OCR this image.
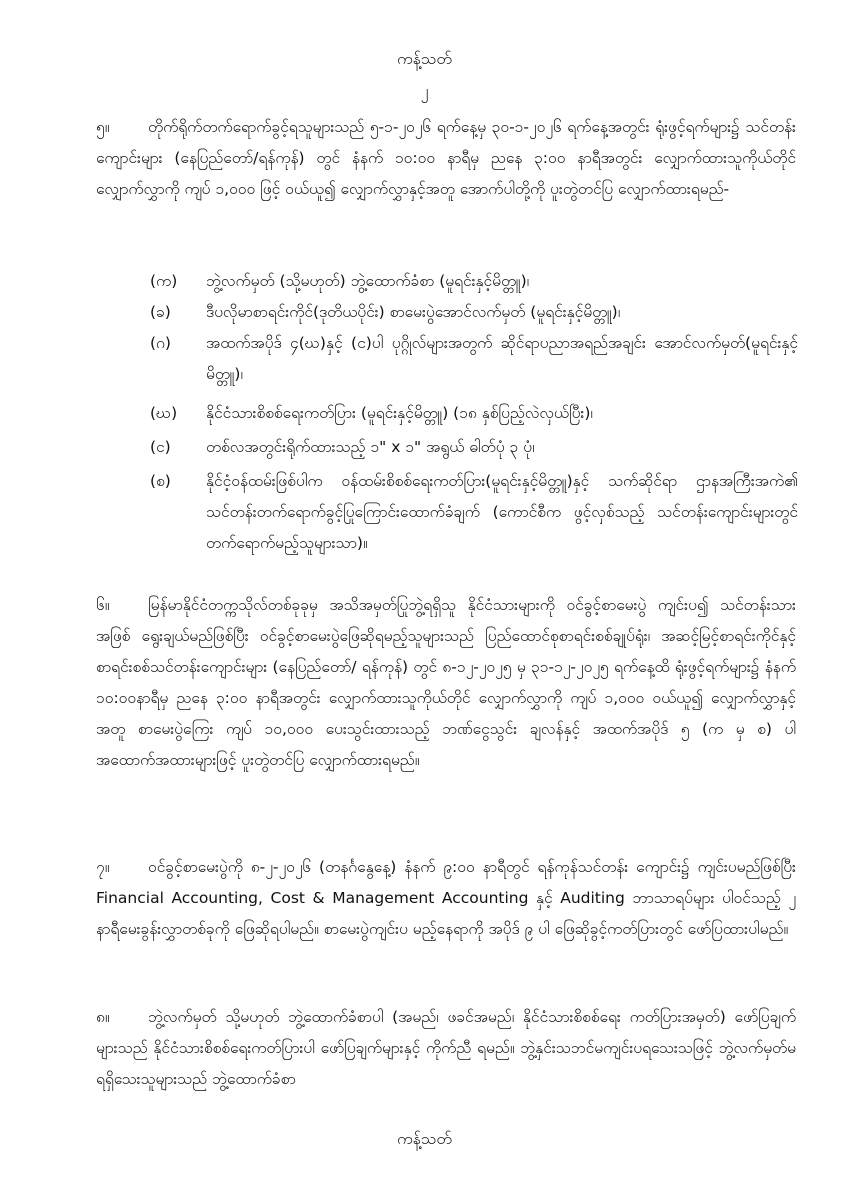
ကန့်သတ်
၂
၅။ တိုက်ရိုက်တက်ရောက်ခွင့်ရသူများသည် ၅-၁-၂၀၂၆ ရက်နေ့မှ ၃၀-၁-၂၀၂၆ ရက်နေ့အတွင်း ရုံးဖွင့်ရက်များ၌ သင်တန်းကျောင်းများ (နေပြည်တော်/ရန်ကုန်) တွင် နံနက် ၁၀:၀၀ နာရီမှ ညနေ ၃:၀၀ နာရီအတွင်း လျှောက်ထားသူကိုယ်တိုင် လျှောက်လွှာကို ကျပ် ၁,၀၀၀ ဖြင့် ဝယ်ယူ၍ လျှောက်လွှာနှင့်အတူ အောက်ပါတို့ကို ပူးတွဲတင်ပြ လျှောက်ထားရမည်-
(က)	ဘွဲ့လက်မှတ် (သို့မဟုတ်) ဘွဲ့ထောက်ခံစာ (မူရင်းနှင့်မိတ္တူ)၊
(ခ)	ဒီပလိုမာစာရင်းကိုင်(ဒုတိယပိုင်း) စာမေးပွဲအောင်လက်မှတ် (မူရင်းနှင့်မိတ္တူ)၊
(ဂ)	အထက်အပိုဒ် ၄(ဃ)နှင့် (င)ပါ ပုဂ္ဂိုလ်များအတွက် ဆိုင်ရာပညာအရည်အချင်း အောင်လက်မှတ်(မူရင်းနှင့်မိတ္တူ)၊
(ဃ)	နိုင်ငံသားစိစစ်ရေးကတ်ပြား (မူရင်းနှင့်မိတ္တူ) (၁၈ နှစ်ပြည့်လဲလှယ်ပြီး)၊
(င)	တစ်လအတွင်းရိုက်ထားသည့် ၁" x ၁" အရွယ် ဓါတ်ပုံ ၃ ပုံ၊
(စ)	နိုင်ငံ့ဝန်ထမ်းဖြစ်ပါက ဝန်ထမ်းစိစစ်ရေးကတ်ပြား(မူရင်းနှင့်မိတ္တူ)နှင့် သက်ဆိုင်ရာ ဌာနအကြီးအကဲ၏ သင်တန်းတက်ရောက်ခွင့်ပြုကြောင်းထောက်ခံချက် (ကောင်စီက ဖွင့်လှစ်သည့် သင်တန်းကျောင်းများတွင် တက်ရောက်မည့်သူများသာ)။
၆။ မြန်မာနိုင်ငံတက္ကသိုလ်တစ်ခုခုမှ အသိအမှတ်ပြုဘွဲ့ရရှိသူ နိုင်ငံသားများကို ဝင်ခွင့်စာမေးပွဲ ကျင်းပ၍ သင်တန်းသားအဖြစ် ရွေးချယ်မည်ဖြစ်ပြီး ဝင်ခွင့်စာမေးပွဲဖြေဆိုရမည့်သူများသည် ပြည်ထောင်စုစာရင်းစစ်ချုပ်ရုံး၊ အဆင့်မြင့်စာရင်းကိုင်နှင့် စာရင်းစစ်သင်တန်းကျောင်းများ (နေပြည်တော်/ ရန်ကုန်) တွင် ၈-၁၂-၂၀၂၅ မှ ၃၁-၁၂-၂၀၂၅ ရက်နေ့ထိ ရုံးဖွင့်ရက်များ၌ နံနက် ၁၀:၀၀နာရီမှ ညနေ ၃:၀၀ နာရီအတွင်း လျှောက်ထားသူကိုယ်တိုင် လျှောက်လွှာကို ကျပ် ၁,၀၀၀ ဝယ်ယူ၍ လျှောက်လွှာနှင့်အတူ စာမေးပွဲကြေး ကျပ် ၁၀,၀၀၀ ပေးသွင်းထားသည့် ဘဏ်ငွေသွင်း ချလန်နှင့် အထက်အပိုဒ် ၅ (က မှ စ) ပါ အထောက်အထားများဖြင့် ပူးတွဲတင်ပြ လျှောက်ထားရမည်။
၇။ ဝင်ခွင့်စာမေးပွဲကို ၈-၂-၂၀၂၆ (တနင်္ဂနွေနေ့) နံနက် ၉:၀၀ နာရီတွင် ရန်ကုန်သင်တန်း ကျောင်း၌ ကျင်းပမည်ဖြစ်ပြီး Financial Accounting, Cost & Management Accounting နှင့် Auditing ဘာသာရပ်များ ပါဝင်သည့် ၂ နာရီမေးခွန်းလွှာတစ်ခုကို ဖြေဆိုရပါမည်။ စာမေးပွဲကျင်းပ မည့်နေရာကို အပိုဒ် ၉ ပါ ဖြေဆိုခွင့်ကတ်ပြားတွင် ဖော်ပြထားပါမည်။
၈။ ဘွဲ့လက်မှတ် သို့မဟုတ် ဘွဲ့ထောက်ခံစာပါ (အမည်၊ ဖခင်အမည်၊ နိုင်ငံသားစိစစ်ရေး ကတ်ပြားအမှတ်) ဖော်ပြချက်များသည် နိုင်ငံသားစိစစ်ရေးကတ်ပြားပါ ဖော်ပြချက်များနှင့် ကိုက်ညီ ရမည်။ ဘွဲ့နှင်းသဘင်မကျင်းပရသေးသဖြင့် ဘွဲ့လက်မှတ်မရရှိသေးသူများသည် ဘွဲ့ထောက်ခံစာ
ကန့်သတ်
